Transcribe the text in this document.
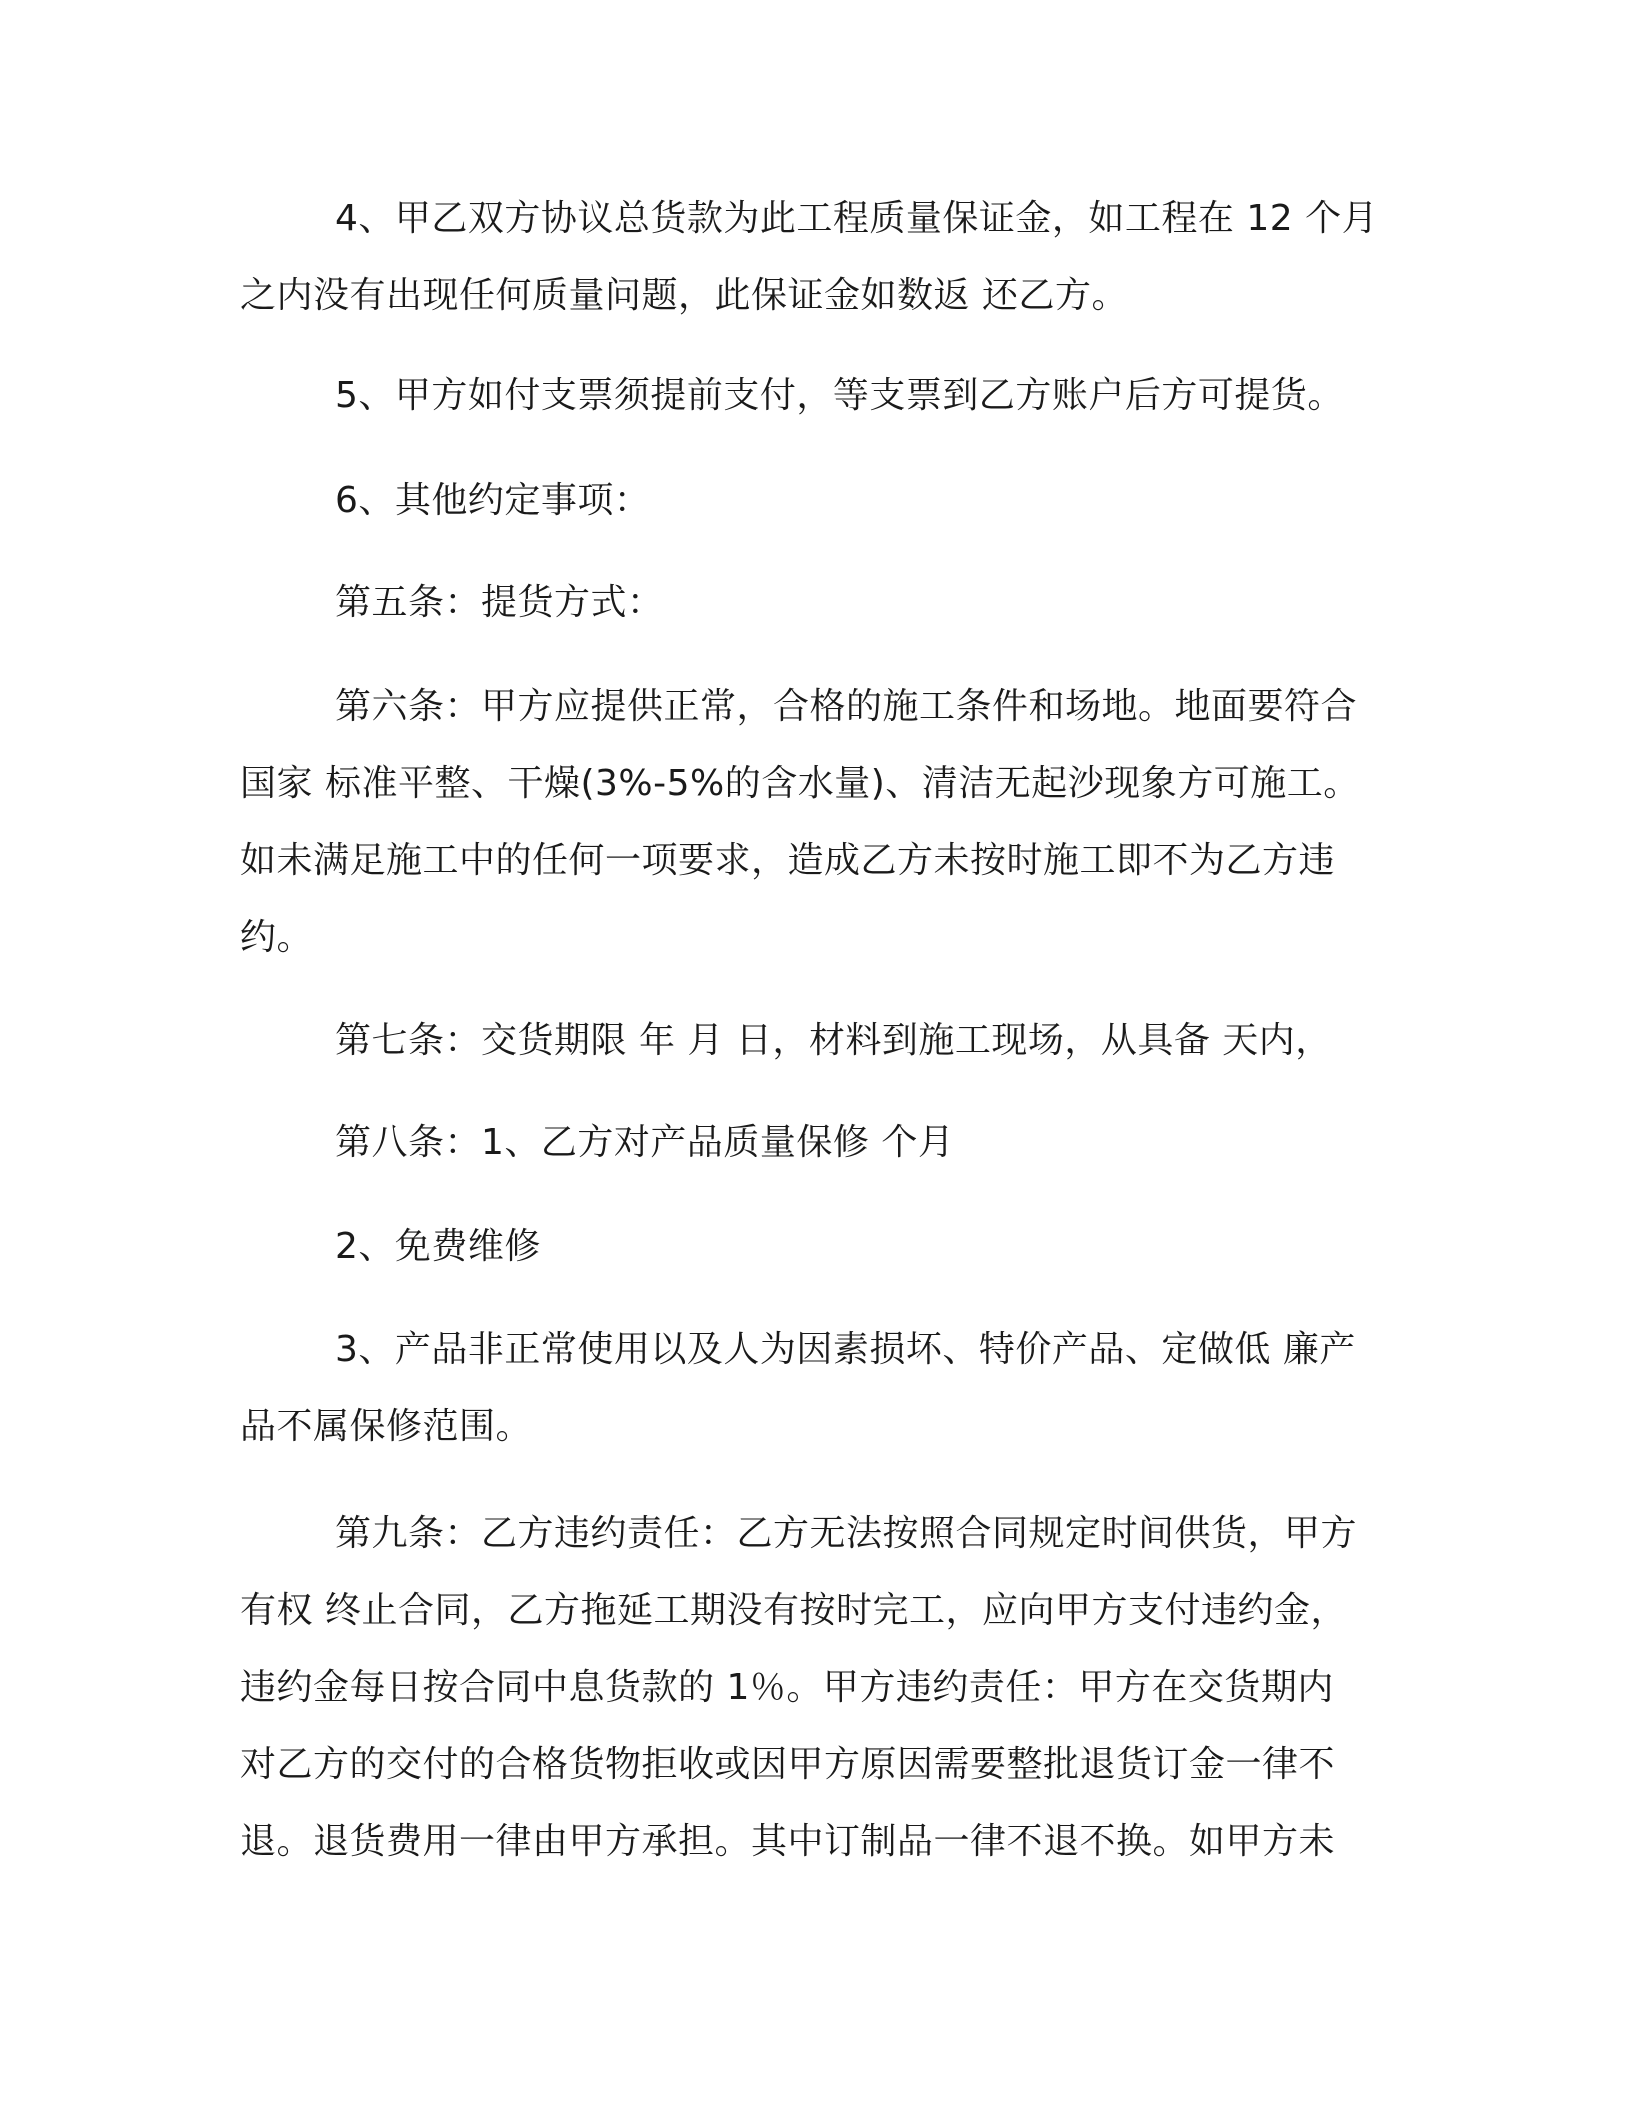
4、甲乙双方协议总货款为此工程质量保证金，如工程在 12 个月
之内没有出现任何质量问题，此保证金如数返 还乙方。
5、甲方如付支票须提前支付，等支票到乙方账户后方可提货。
6、其他约定事项：
第五条：提货方式：
第六条：甲方应提供正常，合格的施工条件和场地。地面要符合
国家 标准平整、干燥(3%-5%的含水量)、清洁无起沙现象方可施工。
如未满足施工中的任何一项要求，造成乙方未按时施工即不为乙方违
约。
第七条：交货期限 年 月 日，材料到施工现场，从具备 天内，
第八条：1、乙方对产品质量保修 个月
2、免费维修
3、产品非正常使用以及人为因素损坏、特价产品、定做低 廉产
品不属保修范围。
第九条：乙方违约责任：乙方无法按照合同规定时间供货，甲方
有权 终止合同，乙方拖延工期没有按时完工，应向甲方支付违约金，
违约金每日按合同中息货款的 1％。甲方违约责任：甲方在交货期内
对乙方的交付的合格货物拒收或因甲方原因需要整批退货订金一律不
退。退货费用一律由甲方承担。其中订制品一律不退不换。如甲方未
